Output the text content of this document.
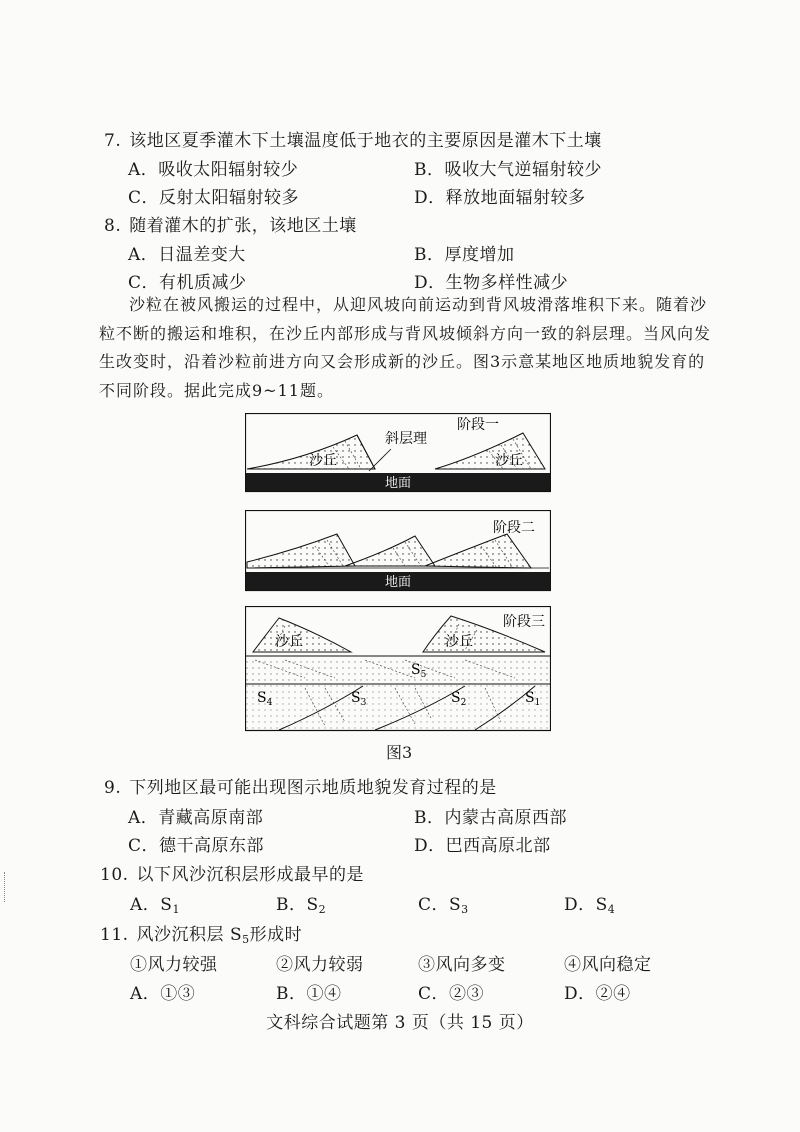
7. 该地区夏季灌木下土壤温度低于地衣的主要原因是灌木下土壤
A．吸收太阳辐射较少	B．吸收大气逆辐射较少
C．反射太阳辐射较多	D．释放地面辐射较多
8. 随着灌木的扩张，该地区土壤
A．日温差变大	B．厚度增加
C．有机质减少	D．生物多样性减少
沙粒在被风搬运的过程中，从迎风坡向前运动到背风坡滑落堆积下来。随着沙粒不断的搬运和堆积，在沙丘内部形成与背风坡倾斜方向一致的斜层理。当风向发生改变时，沿着沙粒前进方向又会形成新的沙丘。图3示意某地区地质地貌发育的不同阶段。据此完成9~11题。
阶段一
斜层理
沙丘	沙丘
地面
阶段二
地面
阶段三
沙丘	沙丘
$S_5$
$S_4$	$S_3$	$S_2$	$S_1$
图3
9. 下列地区最可能出现图示地质地貌发育过程的是
A．青藏高原南部	B．内蒙古高原西部
C．德干高原东部	D．巴西高原北部
10. 以下风沙沉积层形成最早的是
A．$S_1$	B．$S_2$	C．$S_3$	D．$S_4$
11. 风沙沉积层 $S_5$形成时
①风力较强	②风力较弱	③风向多变	④风向稳定
A．①③	B．①④	C．②③	D．②④
文科综合试题第 3 页（共 15 页）
